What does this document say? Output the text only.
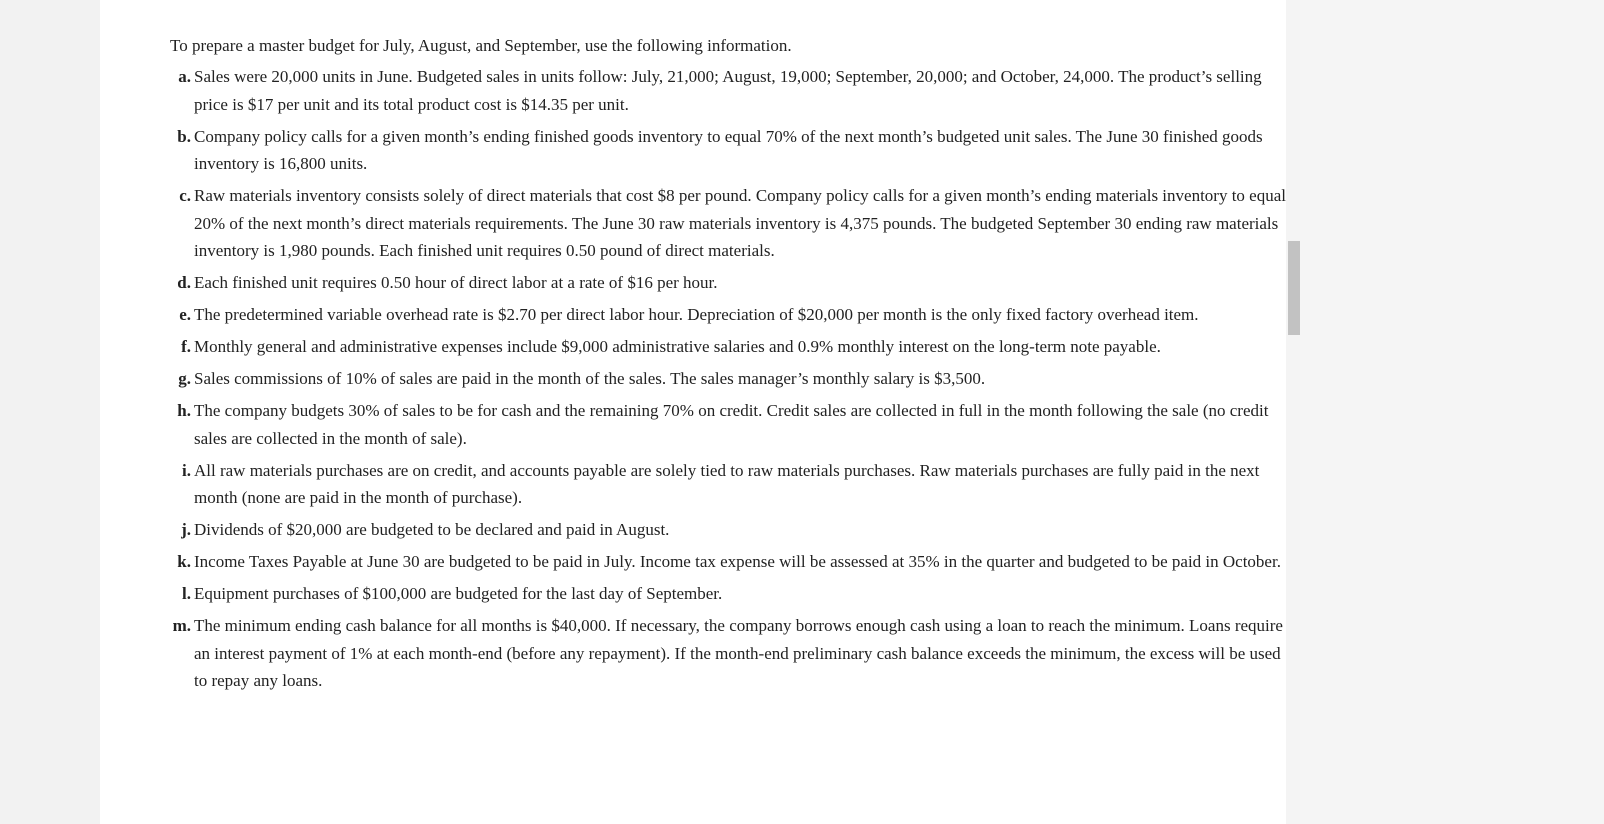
To prepare a master budget for July, August, and September, use the following information.

a. Sales were 20,000 units in June. Budgeted sales in units follow: July, 21,000; August, 19,000; September, 20,000; and October, 24,000. The product’s selling price is $17 per unit and its total product cost is $14.35 per unit.
b. Company policy calls for a given month’s ending finished goods inventory to equal 70% of the next month’s budgeted unit sales. The June 30 finished goods inventory is 16,800 units.
c. Raw materials inventory consists solely of direct materials that cost $8 per pound. Company policy calls for a given month’s ending materials inventory to equal 20% of the next month’s direct materials requirements. The June 30 raw materials inventory is 4,375 pounds. The budgeted September 30 ending raw materials inventory is 1,980 pounds. Each finished unit requires 0.50 pound of direct materials.
d. Each finished unit requires 0.50 hour of direct labor at a rate of $16 per hour.
e. The predetermined variable overhead rate is $2.70 per direct labor hour. Depreciation of $20,000 per month is the only fixed factory overhead item.
f. Monthly general and administrative expenses include $9,000 administrative salaries and 0.9% monthly interest on the long-term note payable.
g. Sales commissions of 10% of sales are paid in the month of the sales. The sales manager’s monthly salary is $3,500.
h. The company budgets 30% of sales to be for cash and the remaining 70% on credit. Credit sales are collected in full in the month following the sale (no credit sales are collected in the month of sale).
i. All raw materials purchases are on credit, and accounts payable are solely tied to raw materials purchases. Raw materials purchases are fully paid in the next month (none are paid in the month of purchase).
j. Dividends of $20,000 are budgeted to be declared and paid in August.
k. Income Taxes Payable at June 30 are budgeted to be paid in July. Income tax expense will be assessed at 35% in the quarter and budgeted to be paid in October.
l. Equipment purchases of $100,000 are budgeted for the last day of September.
m. The minimum ending cash balance for all months is $40,000. If necessary, the company borrows enough cash using a loan to reach the minimum. Loans require an interest payment of 1% at each month-end (before any repayment). If the month-end preliminary cash balance exceeds the minimum, the excess will be used to repay any loans.
